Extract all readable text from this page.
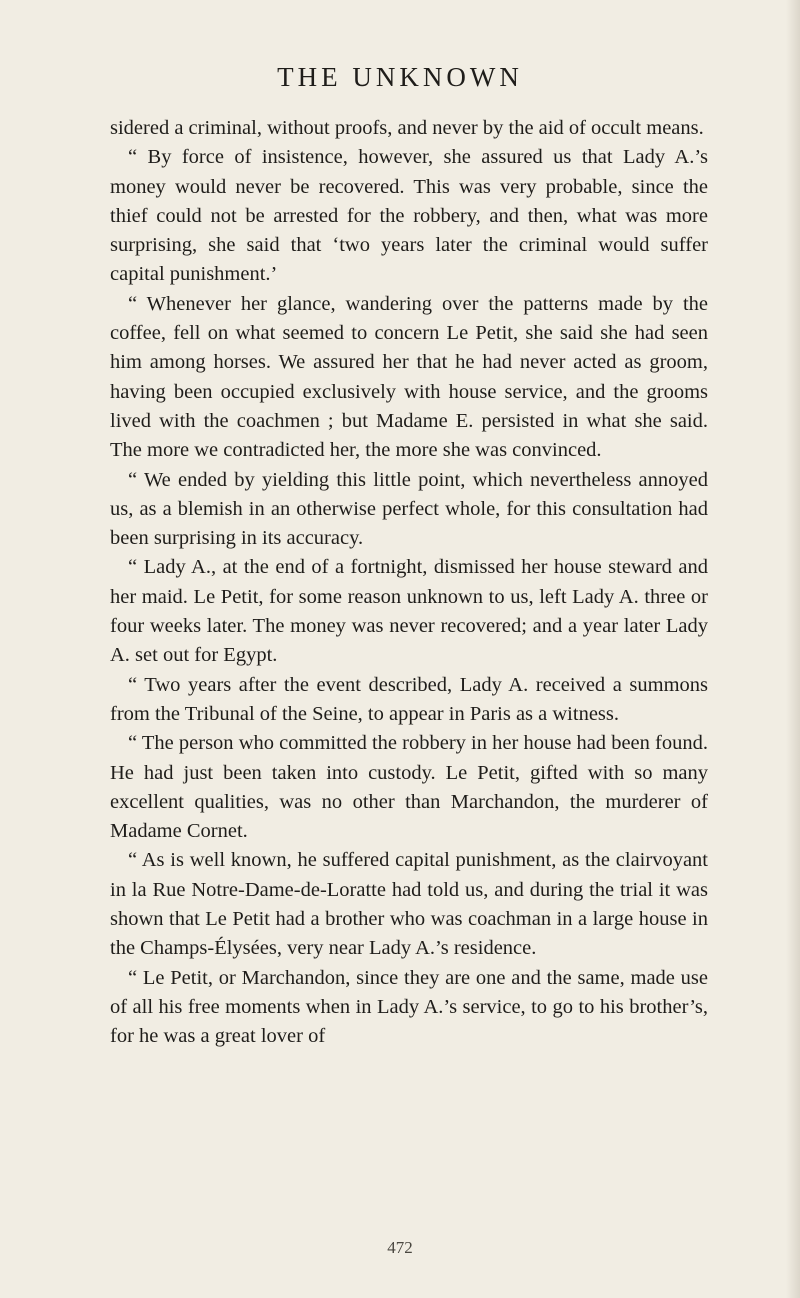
THE UNKNOWN

sidered a criminal, without proofs, and never by the aid of occult means.

“ By force of insistence, however, she assured us that Lady A.’s money would never be recovered. This was very probable, since the thief could not be arrested for the robbery, and then, what was more surprising, she said that ‘two years later the criminal would suffer capital punishment.’

“ Whenever her glance, wandering over the patterns made by the coffee, fell on what seemed to concern Le Petit, she said she had seen him among horses. We assured her that he had never acted as groom, having been occupied exclusively with house service, and the grooms lived with the coachmen ; but Madame E. persisted in what she said. The more we contradicted her, the more she was convinced.

“ We ended by yielding this little point, which nevertheless annoyed us, as a blemish in an otherwise perfect whole, for this consultation had been surprising in its accuracy.

“ Lady A., at the end of a fortnight, dismissed her house steward and her maid. Le Petit, for some reason unknown to us, left Lady A. three or four weeks later. The money was never recovered; and a year later Lady A. set out for Egypt.

“ Two years after the event described, Lady A. received a summons from the Tribunal of the Seine, to appear in Paris as a witness.

“ The person who committed the robbery in her house had been found. He had just been taken into custody. Le Petit, gifted with so many excellent qualities, was no other than Marchandon, the murderer of Madame Cornet.

“ As is well known, he suffered capital punishment, as the clairvoyant in la Rue Notre-Dame-de-Loratte had told us, and during the trial it was shown that Le Petit had a brother who was coachman in a large house in the Champs-Élysées, very near Lady A.’s residence.

“ Le Petit, or Marchandon, since they are one and the same, made use of all his free moments when in Lady A.’s service, to go to his brother’s, for he was a great lover of

472
